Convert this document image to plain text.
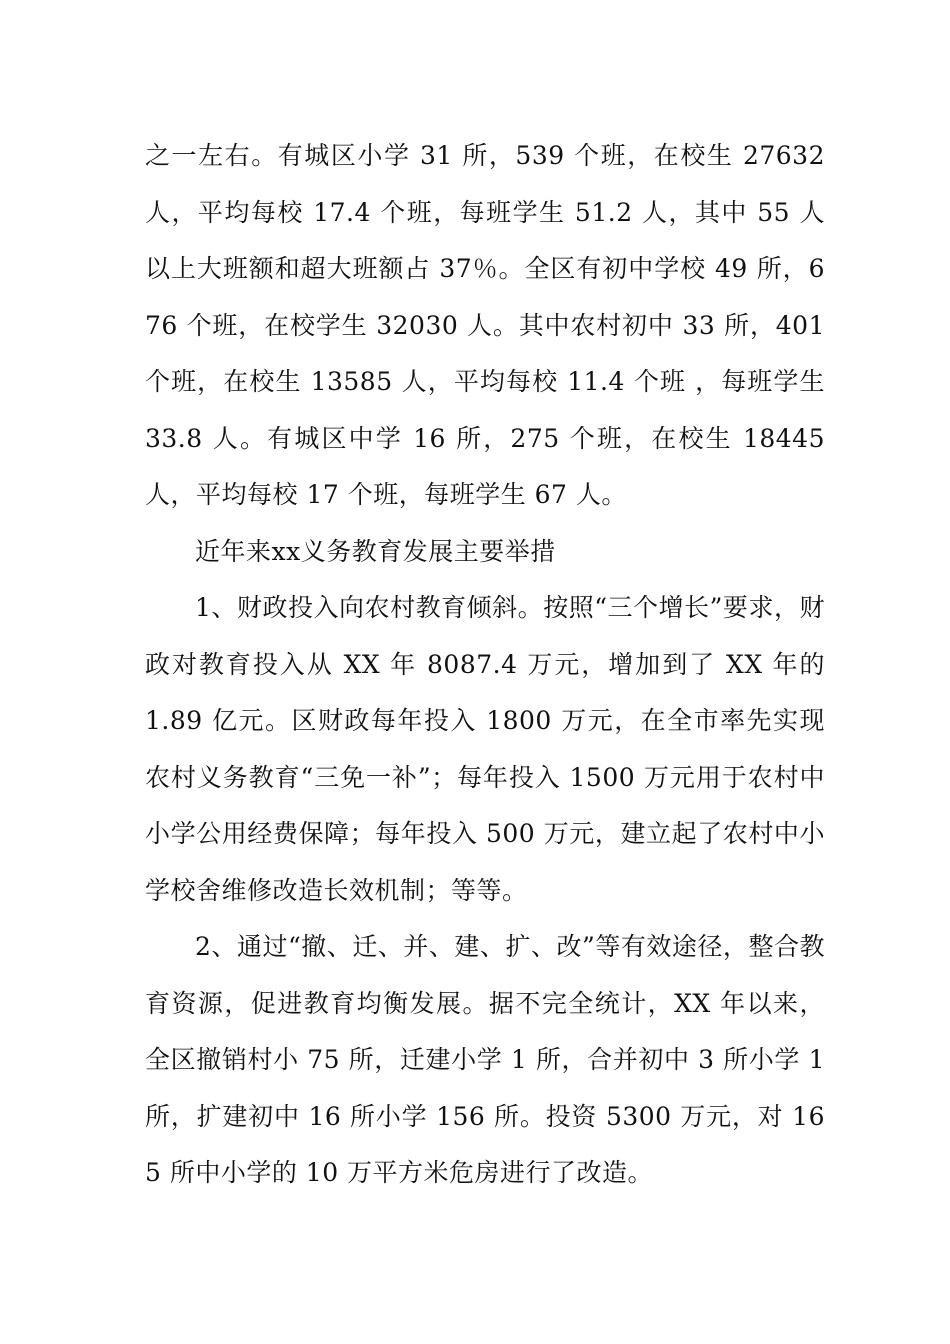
之一左右。有城区小学 31 所，539 个班，在校生 27632 人，平均每校 17.4 个班，每班学生 51.2 人，其中 55 人以上大班额和超大班额占 37％。全区有初中学校 49 所，676 个班，在校学生 32030 人。其中农村初中 33 所，401 个班，在校生 13585 人，平均每校 11.4 个班 ，每班学生 33.8 人。有城区中学 16 所，275 个班，在校生 18445 人，平均每校 17 个班，每班学生 67 人。

近年来xx义务教育发展主要举措

1、财政投入向农村教育倾斜。按照“三个增长”要求，财政对教育投入从 XX 年 8087.4 万元，增加到了 XX 年的 1.89 亿元。区财政每年投入 1800 万元，在全市率先实现农村义务教育“三免一补”；每年投入 1500 万元用于农村中小学公用经费保障；每年投入 500 万元，建立起了农村中小学校舍维修改造长效机制；等等。

2、通过“撤、迁、并、建、扩、改”等有效途径，整合教育资源，促进教育均衡发展。据不完全统计，XX 年以来，全区撤销村小 75 所，迁建小学 1 所，合并初中 3 所小学 1 所，扩建初中 16 所小学 156 所。投资 5300 万元，对 165 所中小学的 10 万平方米危房进行了改造。
